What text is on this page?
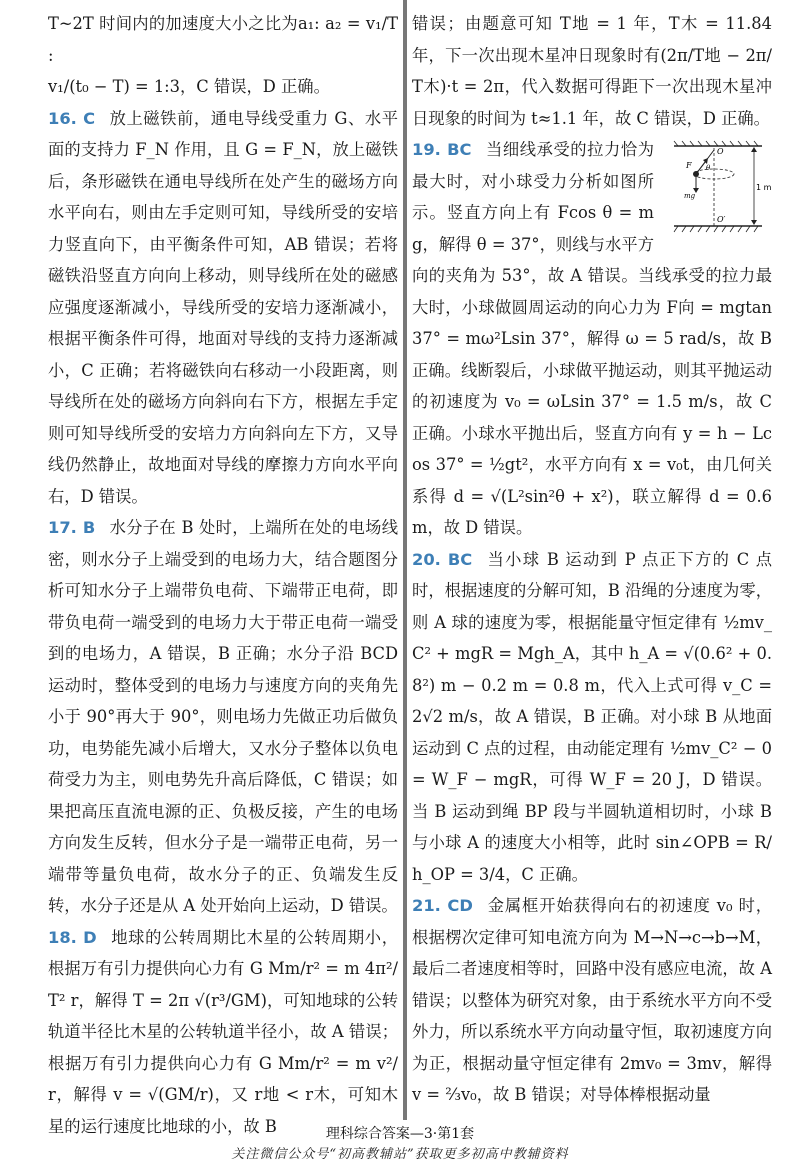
T~2T 时间内的加速度大小之比为a₁: a₂ = v₁/T :

v₁/(t₀ − T) = 1:3，C 错误，D 正确。

16. C 放上磁铁前，通电导线受重力 G、水平面的支持力 F_N 作用，且 G = F_N，放上磁铁后，条形磁铁在通电导线所在处产生的磁场方向水平向右，则由左手定则可知，导线所受的安培力竖直向下，由平衡条件可知，AB 错误；若将磁铁沿竖直方向向上移动，则导线所在处的磁感应强度逐渐减小，导线所受的安培力逐渐减小，根据平衡条件可得，地面对导线的支持力逐渐减小，C 正确；若将磁铁向右移动一小段距离，则导线所在处的磁场方向斜向右下方，根据左手定则可知导线所受的安培力方向斜向左下方，又导线仍然静止，故地面对导线的摩擦力方向水平向右，D 错误。

17. B 水分子在 B 处时，上端所在处的电场线密，则水分子上端受到的电场力大，结合题图分析可知水分子上端带负电荷、下端带正电荷，即带负电荷一端受到的电场力大于带正电荷一端受到的电场力，A 错误，B 正确；水分子沿 BCD 运动时，整体受到的电场力与速度方向的夹角先小于 90°再大于 90°，则电场力先做正功后做负功，电势能先减小后增大，又水分子整体以负电荷受力为主，则电势先升高后降低，C 错误；如果把高压直流电源的正、负极反接，产生的电场方向发生反转，但水分子是一端带正电荷，另一端带等量负电荷，故水分子的正、负端发生反转，水分子还是从 A 处开始向上运动，D 错误。

18. D 地球的公转周期比木星的公转周期小，根据万有引力提供向心力有 G Mm/r² = m 4π²/T² r，解得 T = 2π √(r³/GM)，可知地球的公转轨道半径比木星的公转轨道半径小，故 A 错误；根据万有引力提供向心力有 G Mm/r² = m v²/r，解得 v = √(GM/r)，又 r地 < r木，可知木星的运行速度比地球的小，故 B

错误；由题意可知 T地 = 1 年，T木 = 11.84 年，下一次出现木星冲日现象时有(2π/T地 − 2π/T木)·t = 2π，代入数据可得距下一次出现木星冲日现象的时间为 t≈1.1 年，故 C 错误，D 正确。

1 m
O
O′
F
mg
θ
19. BC 当细线承受的拉力恰为最大时，对小球受力分析如图所示。竖直方向上有 Fcos θ = mg，解得 θ = 37°，则线与水平方向的夹角为 53°，故 A 错误。当线承受的拉力最大时，小球做圆周运动的向心力为 F向 = mgtan 37° = mω²Lsin 37°，解得 ω = 5 rad/s，故 B 正确。线断裂后，小球做平抛运动，则其平抛运动的初速度为 v₀ = ωLsin 37° = 1.5 m/s，故 C 正确。小球水平抛出后，竖直方向有 y = h − Lcos 37° = ½gt²，水平方向有 x = v₀t，由几何关系得 d = √(L²sin²θ + x²)，联立解得 d = 0.6 m，故 D 错误。

20. BC 当小球 B 运动到 P 点正下方的 C 点时，根据速度的分解可知，B 沿绳的分速度为零，则 A 球的速度为零，根据能量守恒定律有 ½mv_C² + mgR = Mgh_A，其中 h_A = √(0.6² + 0.8²) m − 0.2 m = 0.8 m，代入上式可得 v_C = 2√2 m/s，故 A 错误，B 正确。对小球 B 从地面运动到 C 点的过程，由动能定理有 ½mv_C² − 0 = W_F − mgR，可得 W_F = 20 J，D 错误。当 B 运动到绳 BP 段与半圆轨道相切时，小球 B 与小球 A 的速度大小相等，此时 sin∠OPB = R/h_OP = 3/4，C 正确。

21. CD 金属框开始获得向右的初速度 v₀ 时，根据楞次定律可知电流方向为 M→N→c→b→M，最后二者速度相等时，回路中没有感应电流，故 A 错误；以整体为研究对象，由于系统水平方向不受外力，所以系统水平方向动量守恒，取初速度方向为正，根据动量守恒定律有 2mv₀ = 3mv，解得 v = ⅔v₀，故 B 错误；对导体棒根据动量

理科综合答案—3·第1套
关注微信公众号“初高教辅站”获取更多初高中教辅资料
